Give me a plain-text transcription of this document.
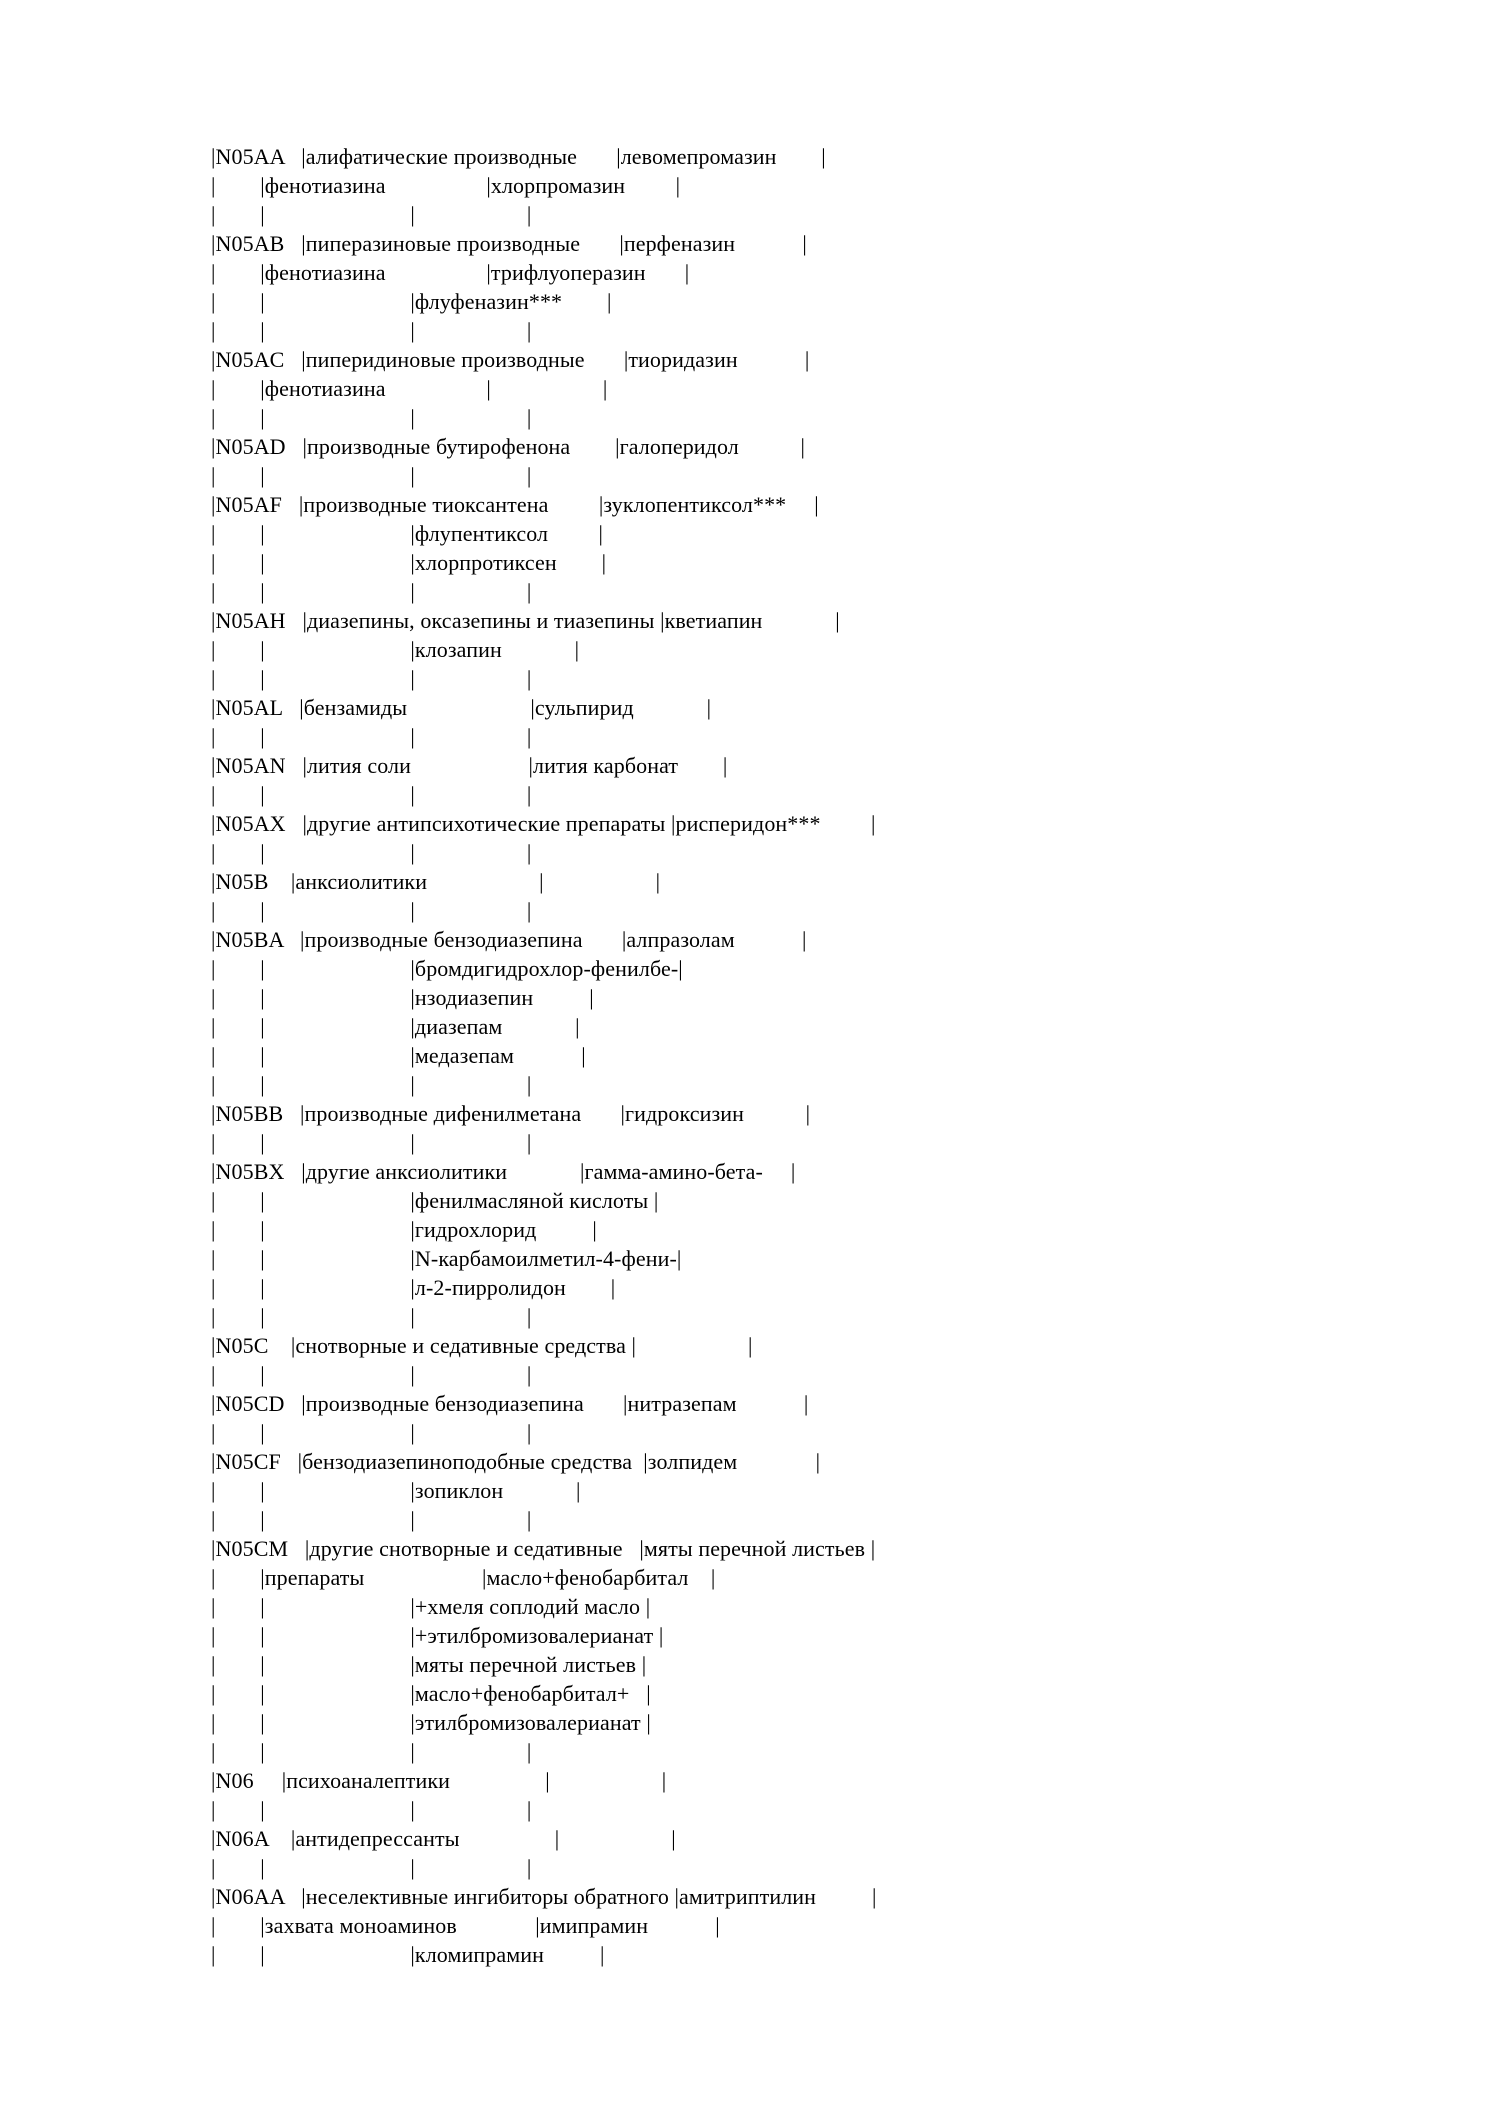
|N05AA   |алифатические производные       |левомепромазин        |
|        |фенотиазина                  |хлорпромазин         |
|        |                          |                    |
|N05AB   |пиперазиновые производные       |перфеназин            |
|        |фенотиазина                  |трифлуоперазин       |
|        |                          |флуфеназин***        |
|        |                          |                    |
|N05AC   |пиперидиновые производные       |тиоридазин            |
|        |фенотиазина                  |                    |
|        |                          |                    |
|N05AD   |производные бутирофенона        |галоперидол           |
|        |                          |                    |
|N05AF   |производные тиоксантена         |зуклопентиксол***     |
|        |                          |флупентиксол         |
|        |                          |хлорпротиксен        |
|        |                          |                    |
|N05AH   |диазепины, оксазепины и тиазепины |кветиапин             |
|        |                          |клозапин             |
|        |                          |                    |
|N05AL   |бензамиды                      |сульпирид             |
|        |                          |                    |
|N05AN   |лития соли                     |лития карбонат        |
|        |                          |                    |
|N05AX   |другие антипсихотические препараты |рисперидон***         |
|        |                          |                    |
|N05B    |анксиолитики                    |                    |
|        |                          |                    |
|N05BA   |производные бензодиазепина       |алпразолам            |
|        |                          |бромдигидрохлор-фенилбе-|
|        |                          |нзодиазепин          |
|        |                          |диазепам             |
|        |                          |медазепам            |
|        |                          |                    |
|N05BB   |производные дифенилметана       |гидроксизин           |
|        |                          |                    |
|N05BX   |другие анксиолитики             |гамма-амино-бета-     |
|        |                          |фенилмасляной кислоты |
|        |                          |гидрохлорид          |
|        |                          |N-карбамоилметил-4-фени-|
|        |                          |л-2-пирролидон        |
|        |                          |                    |
|N05C    |снотворные и седативные средства |                    |
|        |                          |                    |
|N05CD   |производные бензодиазепина       |нитразепам            |
|        |                          |                    |
|N05CF   |бензодиазепиноподобные средства  |золпидем              |
|        |                          |зопиклон             |
|        |                          |                    |
|N05CM   |другие снотворные и седативные   |мяты перечной листьев |
|        |препараты                     |масло+фенобарбитал    |
|        |                          |+хмеля соплодий масло |
|        |                          |+этилбромизовалерианат |
|        |                          |мяты перечной листьев |
|        |                          |масло+фенобарбитал+   |
|        |                          |этилбромизовалерианат |
|        |                          |                    |
|N06     |психоаналептики                 |                    |
|        |                          |                    |
|N06A    |антидепрессанты                 |                    |
|        |                          |                    |
|N06AA   |неселективные ингибиторы обратного |амитриптилин          |
|        |захвата моноаминов              |имипрамин            |
|        |                          |кломипрамин          |
